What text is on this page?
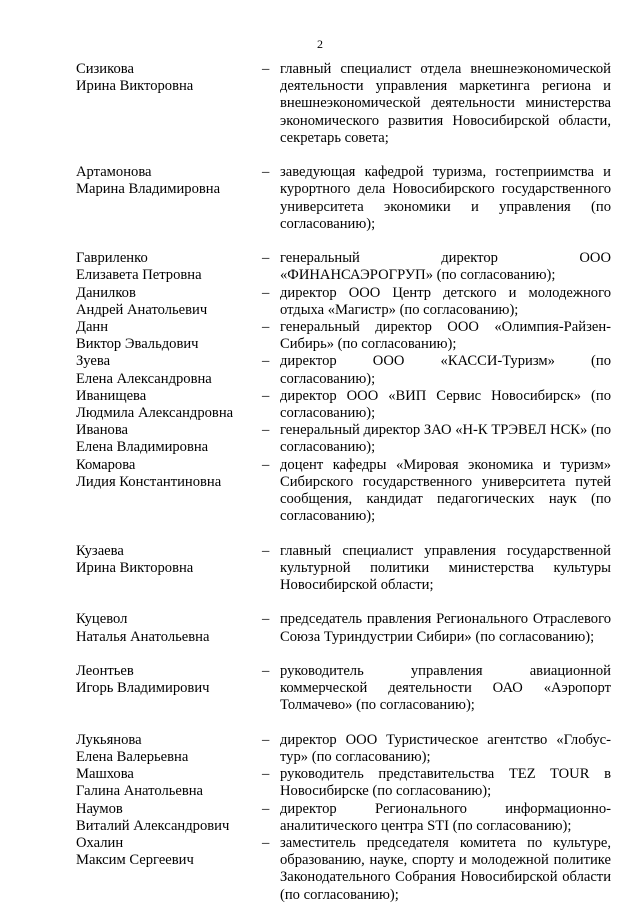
2
Сизикова
Ирина Викторовна
– главный специалист отдела внешнеэкономической деятельности управления маркетинга региона и внешнеэкономической деятельности министерства экономического развития Новосибирской области, секретарь совета;
Артамонова
Марина Владимировна
– заведующая кафедрой туризма, гостеприимства и курортного дела Новосибирского государственного университета экономики и управления (по согласованию);
Гавриленко
Елизавета Петровна
– генеральный директор ООО «ФИНАНСАЭРОГРУП» (по согласованию);
Данилков
Андрей Анатольевич
– директор ООО Центр детского и молодежного отдыха «Магистр» (по согласованию);
Данн
Виктор Эвальдович
– генеральный директор ООО «Олимпия-Райзен-Сибирь» (по согласованию);
Зуева
Елена Александровна
– директор ООО «КАССИ-Туризм» (по согласованию);
Иванищева
Людмила Александровна
– директор ООО «ВИП Сервис Новосибирск» (по согласованию);
Иванова
Елена Владимировна
– генеральный директор ЗАО «Н-К ТРЭВЕЛ НСК» (по согласованию);
Комарова
Лидия Константиновна
– доцент кафедры «Мировая экономика и туризм» Сибирского государственного университета путей сообщения, кандидат педагогических наук (по согласованию);
Кузаева
Ирина Викторовна
– главный специалист управления государственной культурной политики министерства культуры Новосибирской области;
Куцевол
Наталья Анатольевна
– председатель правления Регионального Отраслевого Союза Туриндустрии Сибири» (по согласованию);
Леонтьев
Игорь Владимирович
– руководитель управления авиационной коммерческой деятельности ОАО «Аэропорт Толмачево» (по согласованию);
Лукьянова
Елена Валерьевна
– директор ООО Туристическое агентство «Глобус-тур» (по согласованию);
Машхова
Галина Анатольевна
– руководитель представительства TEZ TOUR в Новосибирске (по согласованию);
Наумов
Виталий Александрович
– директор Регионального информационно-аналитического центра STI (по согласованию);
Охалин
Максим Сергеевич
– заместитель председателя комитета по культуре, образованию, науке, спорту и молодежной политике Законодательного Собрания Новосибирской области (по согласованию);
